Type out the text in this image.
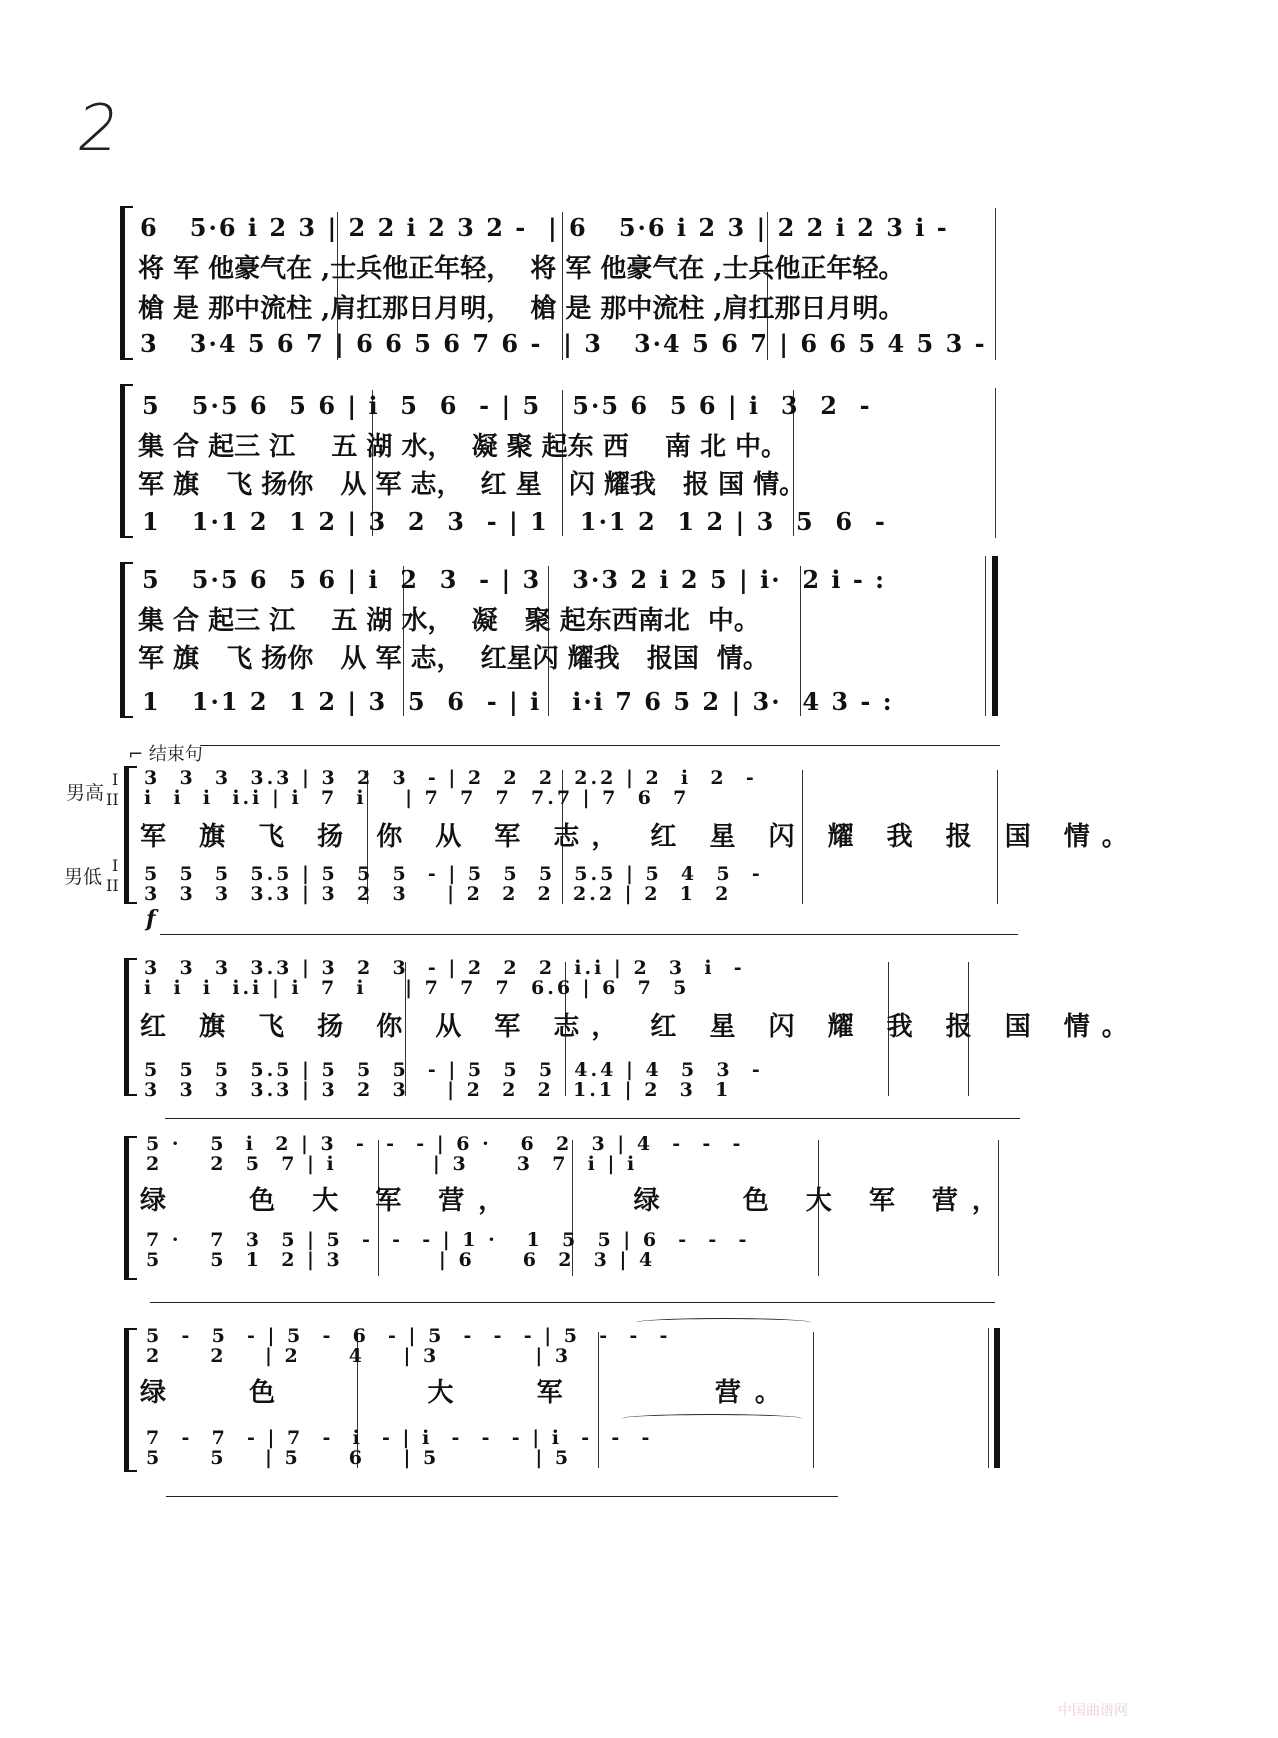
2
6   5·6 i 2 3 | 2 2 i 2 3 2 -  | 6   5·6 i 2 3 | 2 2 i 2 3 i -
将 军 他豪气在 ,士兵他正年轻，  将 军 他豪气在 ,士兵他正年轻。
槍 是 那中流柱 ,肩扛那日月明，  槍 是 那中流柱 ,肩扛那日月明。
3   3·4 5 6 7 | 6 6 5 6 7 6 -  | 3   3·4 5 6 7 | 6 6 5 4 5 3 -
5   5·5 6  5 6 | i  5  6  - | 5   5·5 6  5 6 | i  3  2  -
集 合 起三 江    五 湖 水，  凝 聚 起东 西    南 北 中。
军 旗   飞 扬你   从 军 志，  红 星   闪 耀我   报 国 情。
1   1·1 2  1 2 | 3  2  3  - | 1   1·1 2  1 2 | 3  5  6  -
5   5·5 6  5 6 | i  2  3  - | 3   3·3 2 i 2 5 | i·  2 i - :
集 合 起三 江    五 湖 水，  凝   聚 起东西南北  中。
军 旗   飞 扬你   从 军 志，  红星闪 耀我   报国  情。
1   1·1 2  1 2 | 3  5  6  - | i   i·i 7 6 5 2 | 3·  4 3 - :
⌐ 结束句
男高
I
II
男低
I
II
3  3  3  3.3 | 3  2  3  - | 2  2  2  2.2 | 2  i  2  -
i  i  i  i.i | i  7  i    | 7  7  7  7.7 | 7  6  7
军 旗 飞 扬 你 从 军 志， 红 星 闪 耀 我 报 国 情。
5  5  5  5.5 | 5  5  5  - | 5  5  5  5.5 | 5  4  5  -
3  3  3  3.3 | 3  2  3    | 2  2  2  2.2 | 2  1  2
f
3  3  3  3.3 | 3  2  3  - | 2  2  2  i.i | 2  3  i  -
i  i  i  i.i | i  7  i    | 7  7  7  6.6 | 6  7  5
红 旗 飞 扬 你 从 军 志， 红 星 闪 耀 我 报 国 情。
5  5  5  5.5 | 5  5  5  - | 5  5  5  4.4 | 4  5  3  -
3  3  3  3.3 | 3  2  3    | 2  2  2  1.1 | 2  3  1
5 ·   5  i  2 | 3  -  -  - | 6 ·   6  2  3 | 4  -  -  -
2     2  5  7 | i          | 3     3  7  i | i
绿   色 大 军 营，     绿   色 大 军 营，
7 ·   7  3  5 | 5  -  -  - | 1 ·   1  5  5 | 6  -  -  -
5     5  1  2 | 3          | 6     6  2  3 | 4
5  -  5  - | 5  -  6  - | 5  -  -  - | 5  -  -  -
2     2    | 2     4    | 3          | 3
绿   色      大   军      营。
7  -  7  - | 7  -  i  - | i  -  -  - | i  -  -  -
5     5    | 5     6    | 5          | 5
中国曲谱网
